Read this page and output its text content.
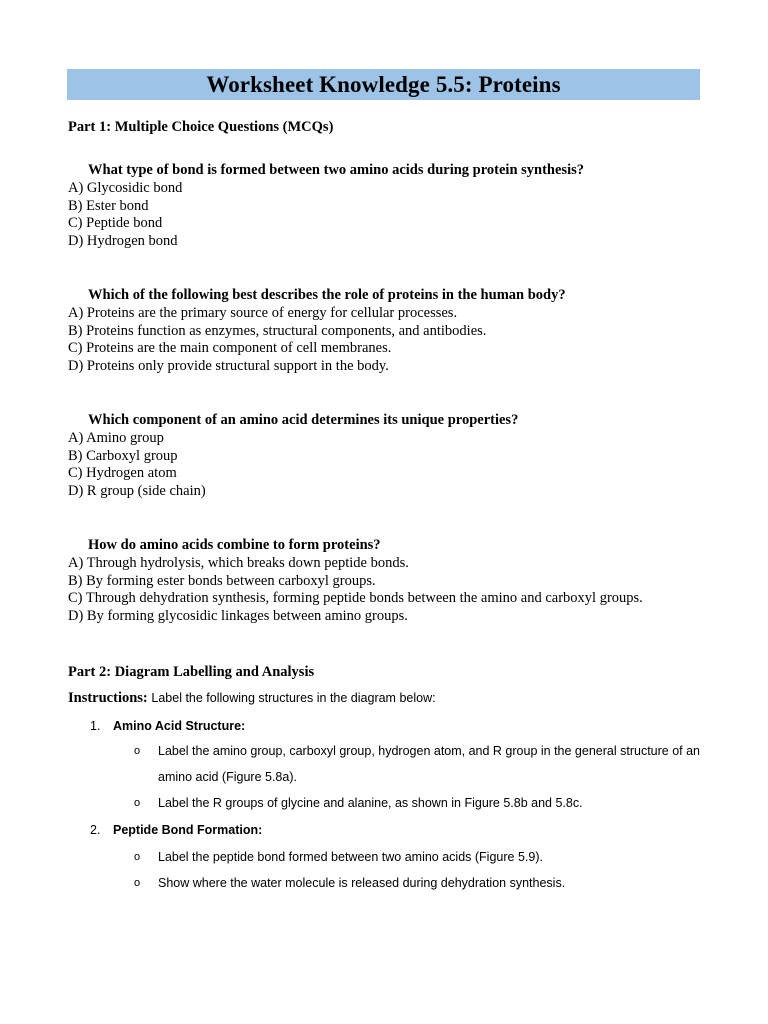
Worksheet Knowledge 5.5: Proteins
Part 1: Multiple Choice Questions (MCQs)
What type of bond is formed between two amino acids during protein synthesis?
A) Glycosidic bond
B) Ester bond
C) Peptide bond
D) Hydrogen bond
Which of the following best describes the role of proteins in the human body?
A) Proteins are the primary source of energy for cellular processes.
B) Proteins function as enzymes, structural components, and antibodies.
C) Proteins are the main component of cell membranes.
D) Proteins only provide structural support in the body.
Which component of an amino acid determines its unique properties?
A) Amino group
B) Carboxyl group
C) Hydrogen atom
D) R group (side chain)
How do amino acids combine to form proteins?
A) Through hydrolysis, which breaks down peptide bonds.
B) By forming ester bonds between carboxyl groups.
C) Through dehydration synthesis, forming peptide bonds between the amino and carboxyl groups.
D) By forming glycosidic linkages between amino groups.
Part 2: Diagram Labelling and Analysis
Instructions: Label the following structures in the diagram below:
1. Amino Acid Structure:
o Label the amino group, carboxyl group, hydrogen atom, and R group in the general structure of an amino acid (Figure 5.8a).
o Label the R groups of glycine and alanine, as shown in Figure 5.8b and 5.8c.
2. Peptide Bond Formation:
o Label the peptide bond formed between two amino acids (Figure 5.9).
o Show where the water molecule is released during dehydration synthesis.
